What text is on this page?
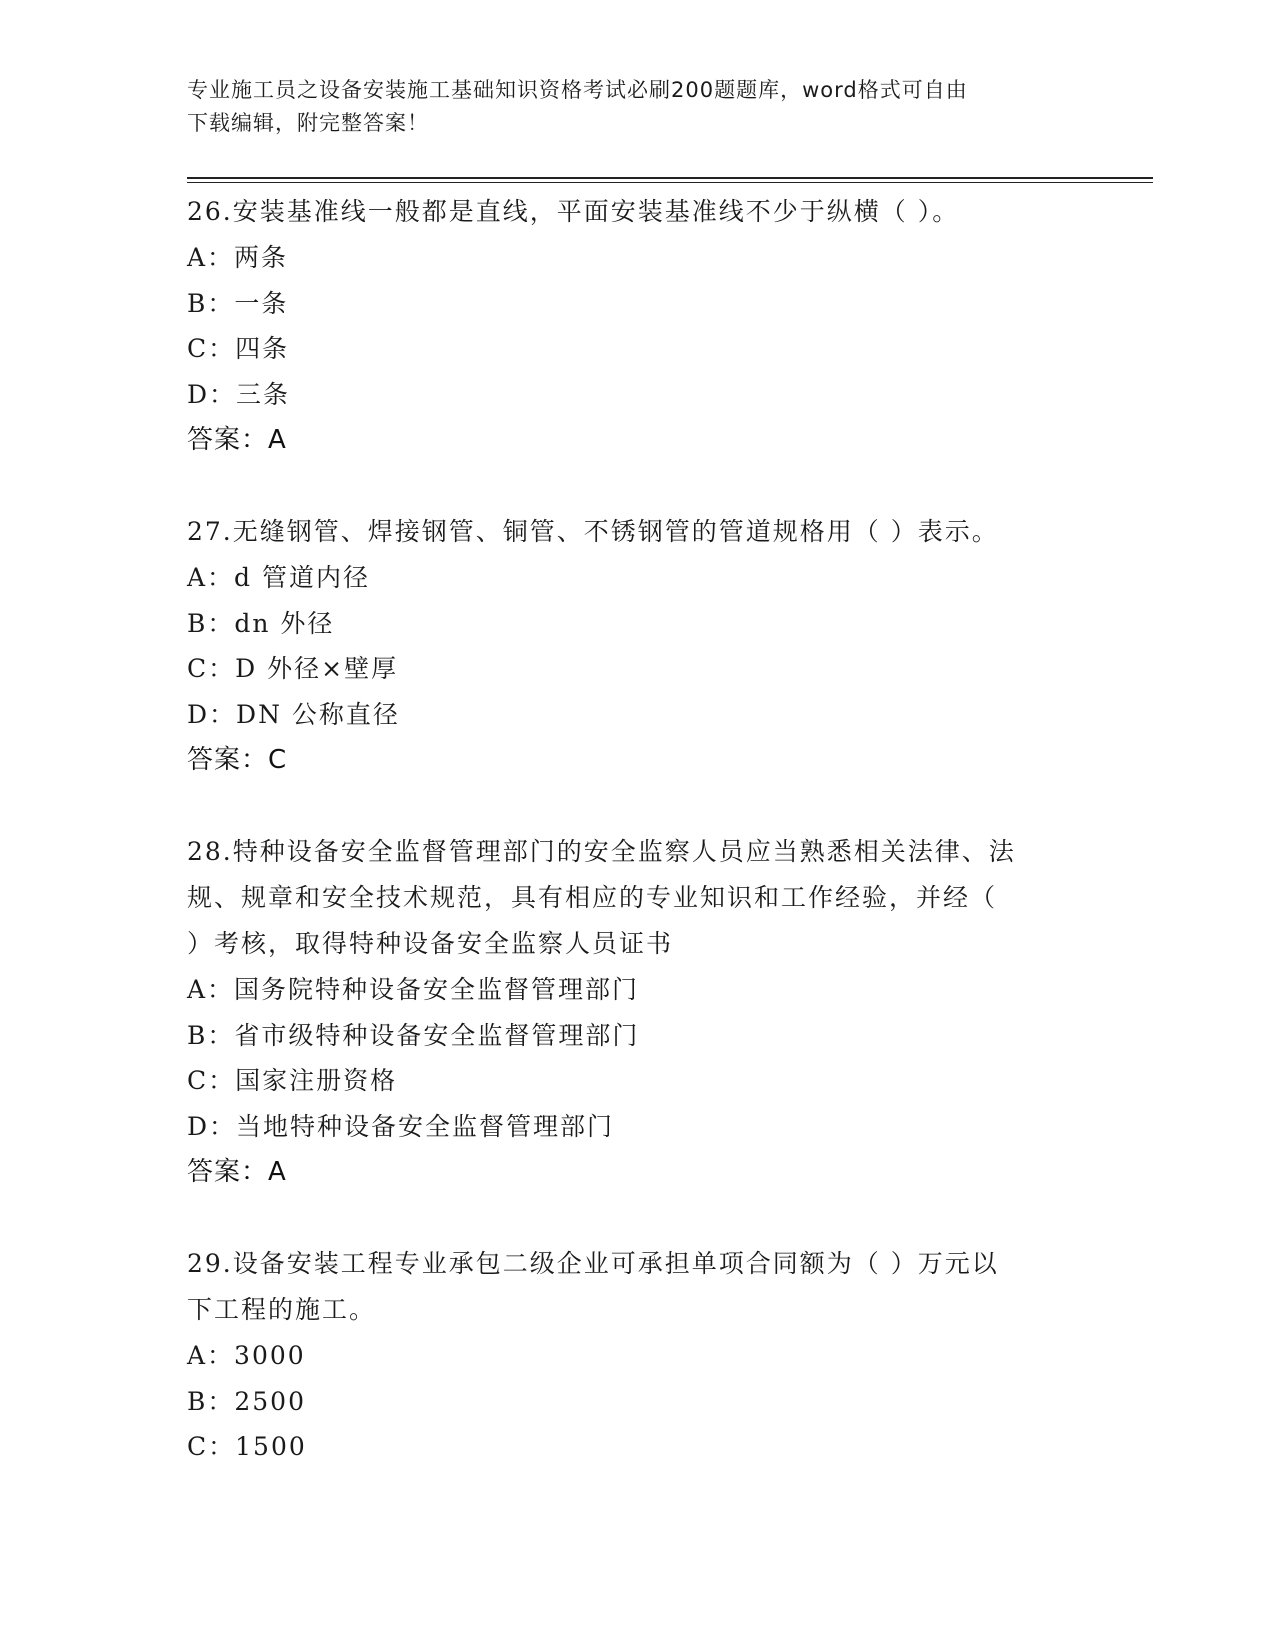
专业施工员之设备安装施工基础知识资格考试必刷200题题库，word格式可自由
下载编辑，附完整答案！
26.安装基准线一般都是直线，平面安装基准线不少于纵横（ ）。
A：两条
B：一条
C：四条
D：三条
答案：A
27.无缝钢管、焊接钢管、铜管、不锈钢管的管道规格用（ ）表示。
A：d 管道内径
B：dn 外径
C：D 外径×壁厚
D：DN 公称直径
答案：C
28.特种设备安全监督管理部门的安全监察人员应当熟悉相关法律、法
规、规章和安全技术规范，具有相应的专业知识和工作经验，并经（
）考核，取得特种设备安全监察人员证书
A：国务院特种设备安全监督管理部门
B：省市级特种设备安全监督管理部门
C：国家注册资格
D：当地特种设备安全监督管理部门
答案：A
29.设备安装工程专业承包二级企业可承担单项合同额为（ ）万元以
下工程的施工。
A：3000
B：2500
C：1500
